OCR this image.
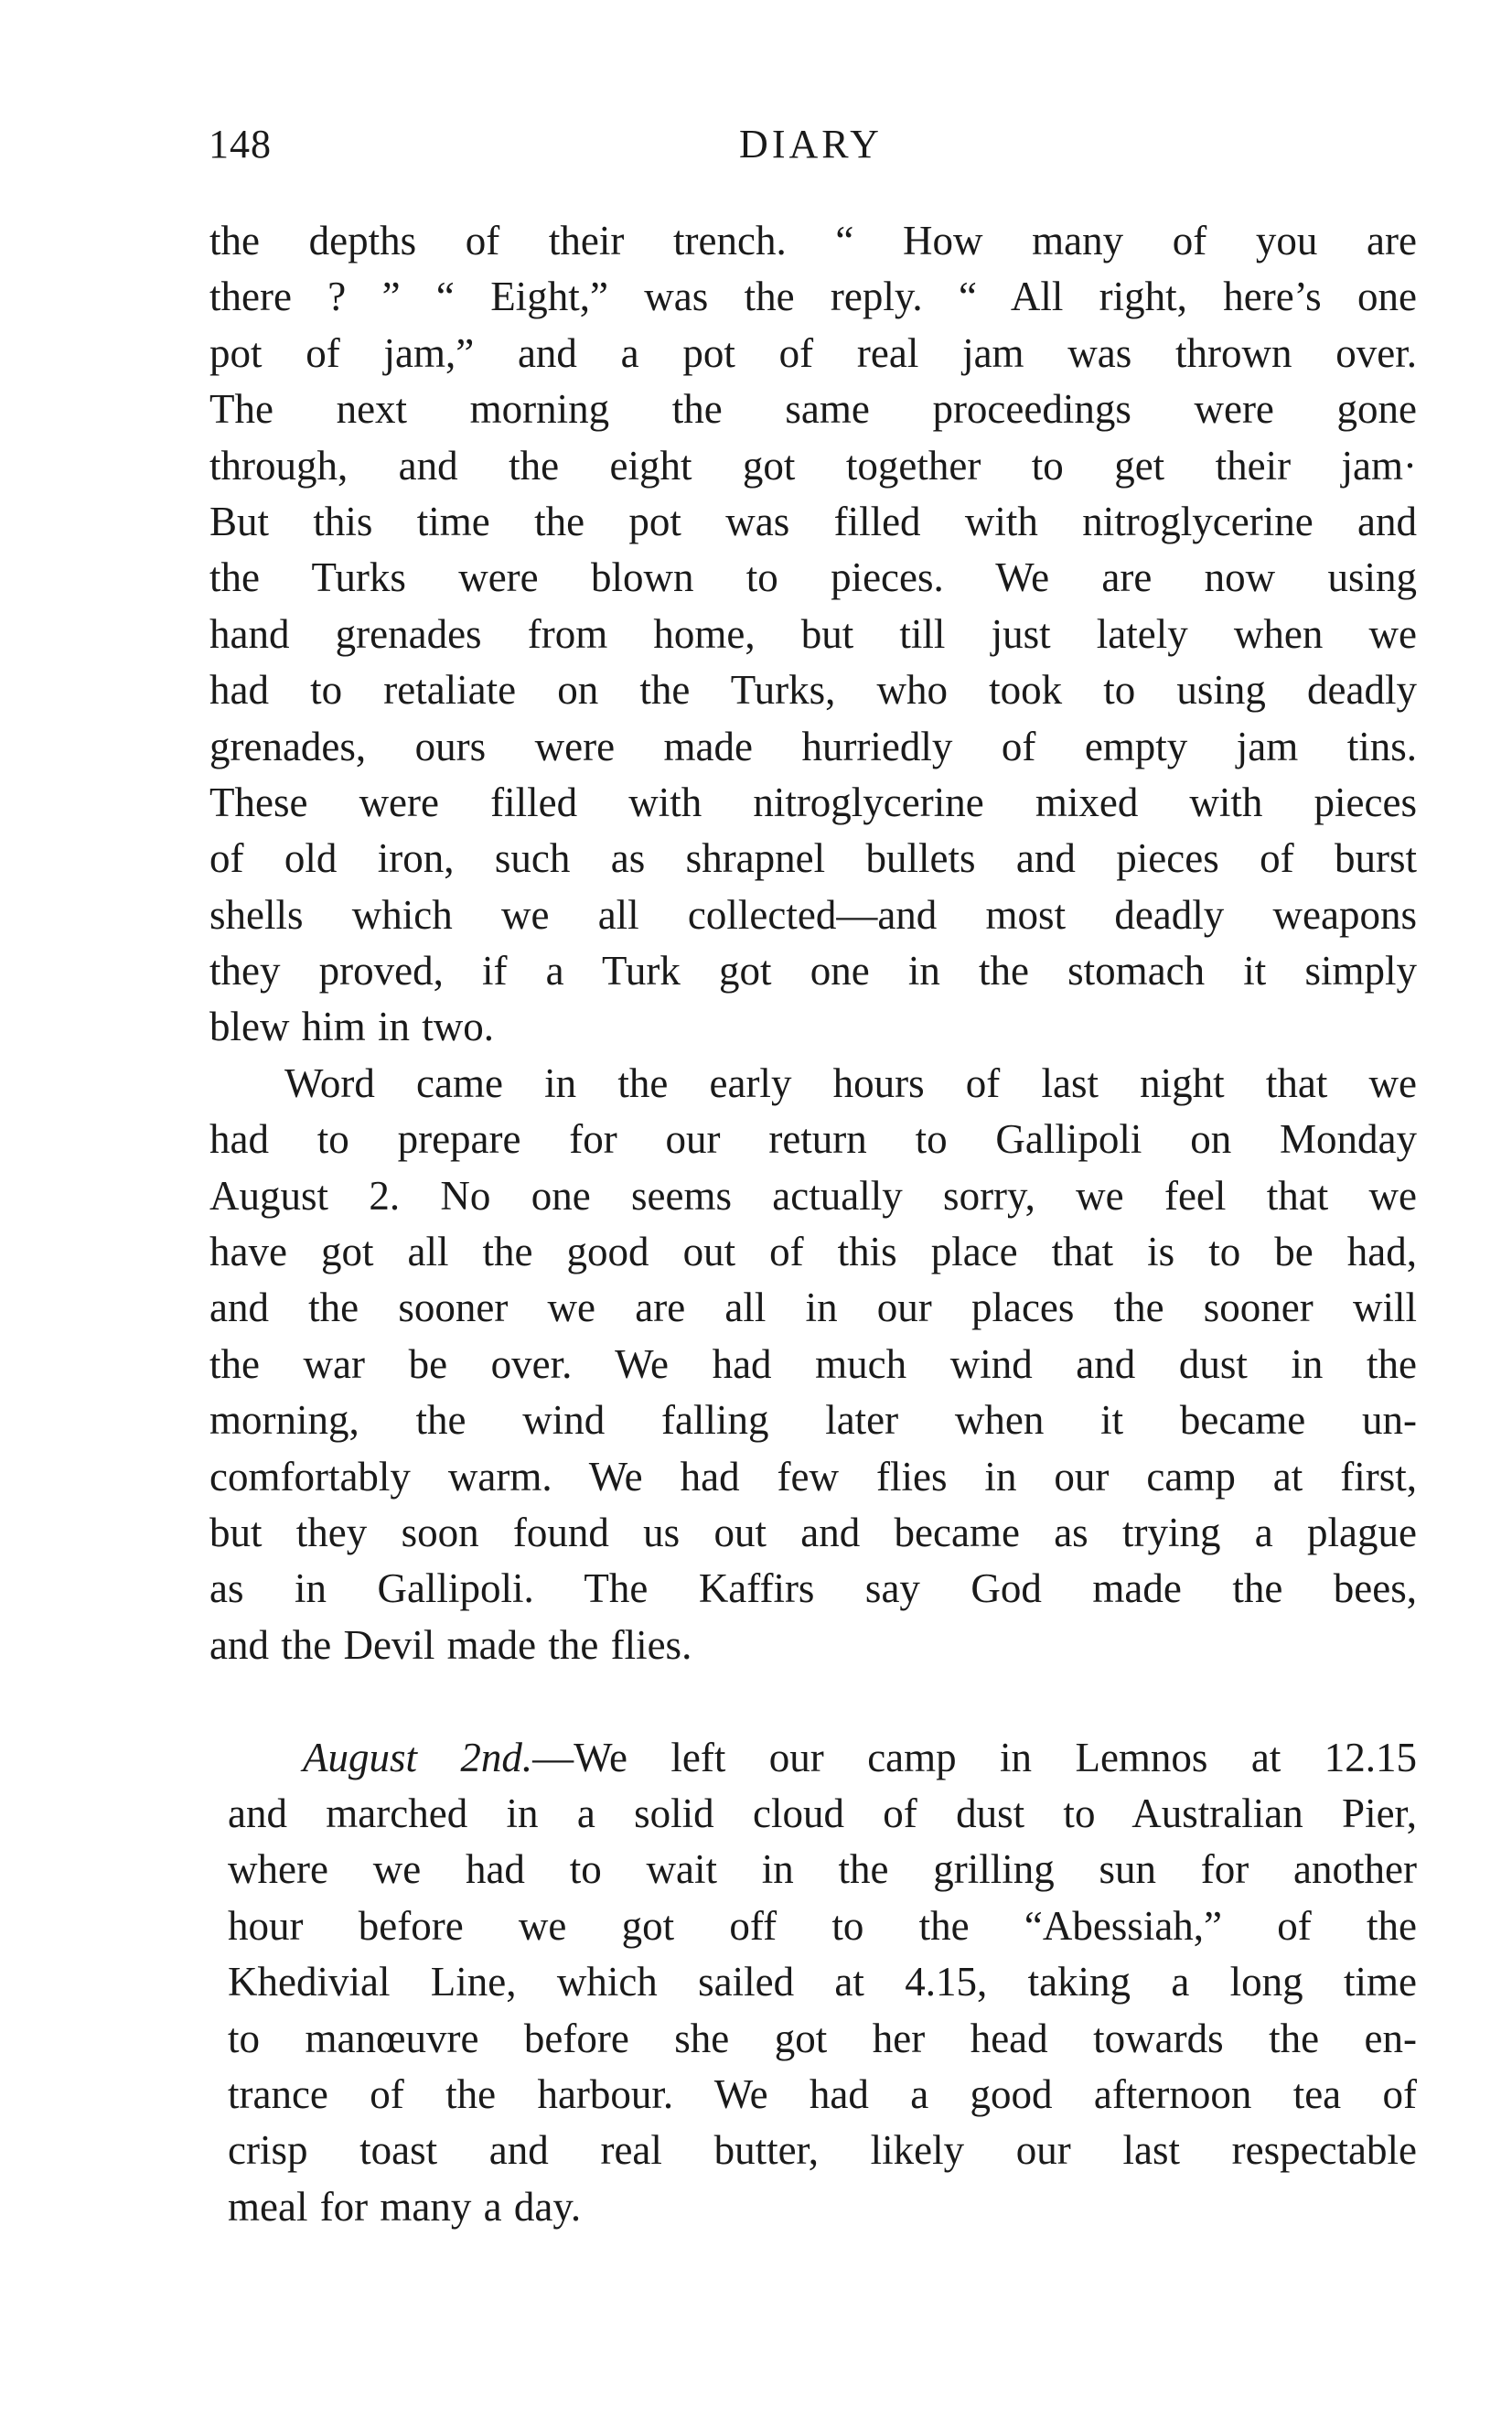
148	DIARY
the depths of their trench. “ How many of you are
there ? ” “ Eight,” was the reply. “ All right, here’s one
pot of jam,” and a pot of real jam was thrown over.
The next morning the same proceedings were gone
through, and the eight got together to get their jam·
But this time the pot was filled with nitroglycerine and
the Turks were blown to pieces. We are now using
hand grenades from home, but till just lately when we
had to retaliate on the Turks, who took to using deadly
grenades, ours were made hurriedly of empty jam tins.
These were filled with nitroglycerine mixed with pieces
of old iron, such as shrapnel bullets and pieces of burst
shells which we all collected—and most deadly weapons
they proved, if a Turk got one in the stomach it simply
blew him in two.
Word came in the early hours of last night that we
had to prepare for our return to Gallipoli on Monday
August 2. No one seems actually sorry, we feel that we
have got all the good out of this place that is to be had,
and the sooner we are all in our places the sooner will
the war be over. We had much wind and dust in the
morning, the wind falling later when it became un-
comfortably warm. We had few flies in our camp at first,
but they soon found us out and became as trying a plague
as in Gallipoli. The Kaffirs say God made the bees,
and the Devil made the flies.
August 2nd.—We left our camp in Lemnos at 12.15
and marched in a solid cloud of dust to Australian Pier,
where we had to wait in the grilling sun for another
hour before we got off to the “Abessiah,” of the
Khedivial Line, which sailed at 4.15, taking a long time
to manœuvre before she got her head towards the en-
trance of the harbour. We had a good afternoon tea of
crisp toast and real butter, likely our last respectable
meal for many a day.
